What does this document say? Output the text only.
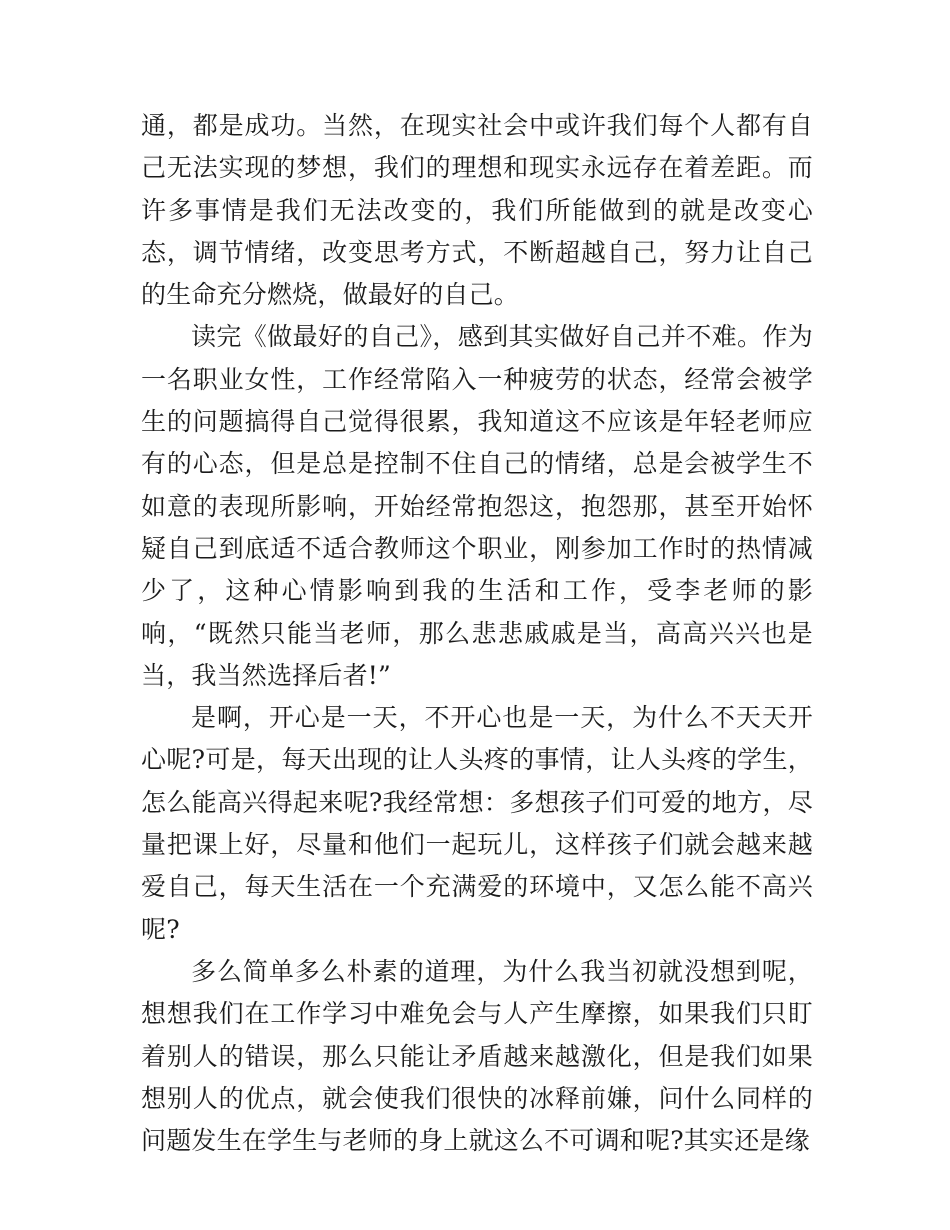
通，都是成功。当然，在现实社会中或许我们每个人都有自己无法实现的梦想，我们的理想和现实永远存在着差距。而许多事情是我们无法改变的，我们所能做到的就是改变心态，调节情绪，改变思考方式，不断超越自己，努力让自己的生命充分燃烧，做最好的自己。

读完《做最好的自己》，感到其实做好自己并不难。作为一名职业女性，工作经常陷入一种疲劳的状态，经常会被学生的问题搞得自己觉得很累，我知道这不应该是年轻老师应有的心态，但是总是控制不住自己的情绪，总是会被学生不如意的表现所影响，开始经常抱怨这，抱怨那，甚至开始怀疑自己到底适不适合教师这个职业，刚参加工作时的热情减少了，这种心情影响到我的生活和工作，受李老师的影响，“既然只能当老师，那么悲悲戚戚是当，高高兴兴也是当，我当然选择后者!”

是啊，开心是一天，不开心也是一天，为什么不天天开心呢?可是，每天出现的让人头疼的事情，让人头疼的学生，怎么能高兴得起来呢?我经常想：多想孩子们可爱的地方，尽量把课上好，尽量和他们一起玩儿，这样孩子们就会越来越爱自己，每天生活在一个充满爱的环境中，又怎么能不高兴呢?

多么简单多么朴素的道理，为什么我当初就没想到呢，想想我们在工作学习中难免会与人产生摩擦，如果我们只盯着别人的错误，那么只能让矛盾越来越激化，但是我们如果想别人的优点，就会使我们很快的冰释前嫌，问什么同样的问题发生在学生与老师的身上就这么不可调和呢?其实还是缘
